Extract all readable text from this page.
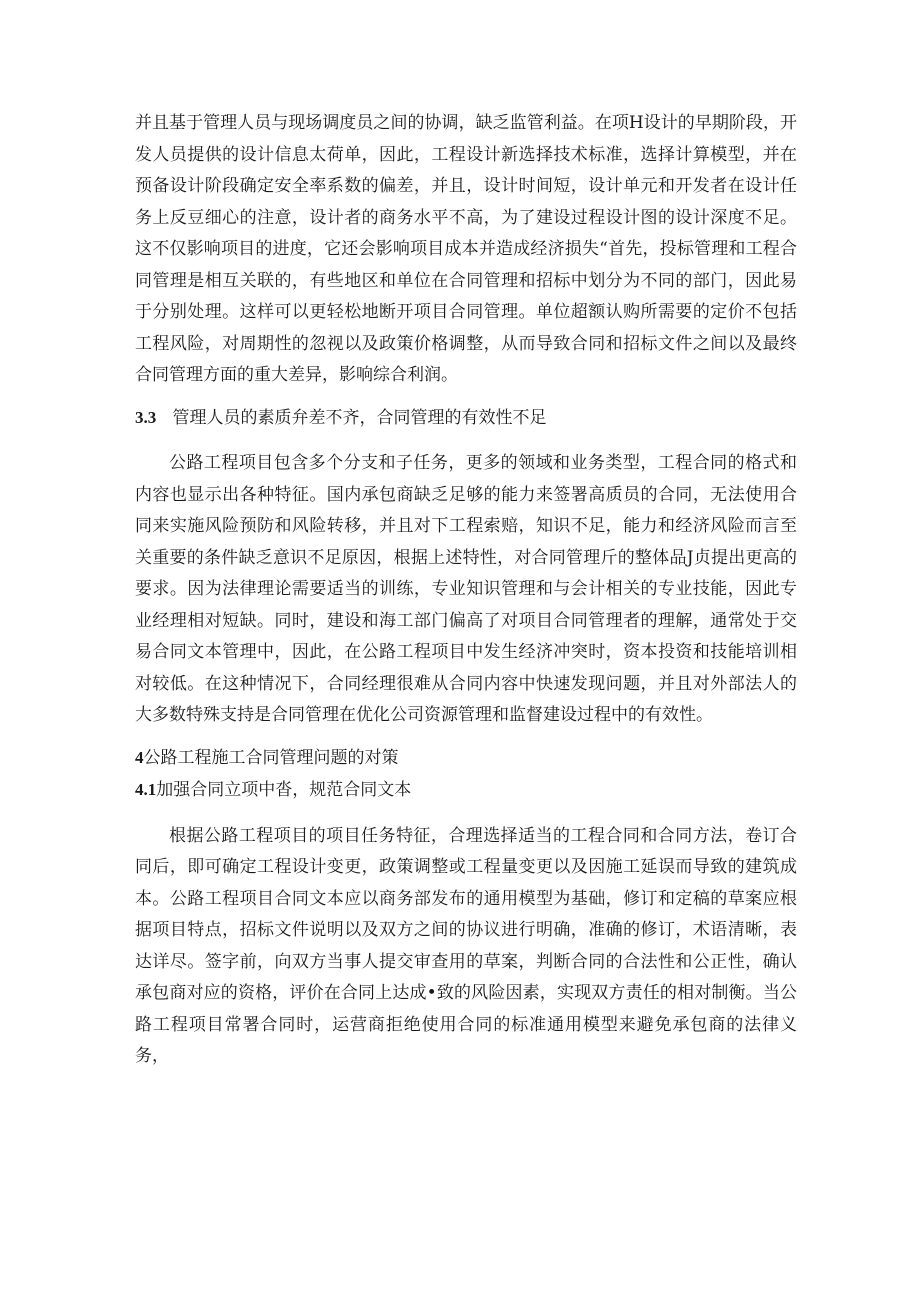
并且基于管理人员与现场调度员之间的协调，缺乏监管利益。在项H设计的早期阶段，开发人员提供的设计信息太荷单，因此，工程设计新选择技术标准，选择计算模型，并在预备设计阶段确定安全率系数的偏差，并且，设计时间短，设计单元和开发者在设计任务上反豆细心的注意，设计者的商务水平不高，为了建设过程设计图的设计深度不足。这不仅影响项目的进度，它还会影响项目成本并造成经济损失“首先，投标管理和工程合同管理是相互关联的，有些地区和单位在合同管理和招标中划分为不同的部门，因此易于分别处理。这样可以更轻松地断开项目合同管理。单位超额认购所需要的定价不包括工程风险，对周期性的忽视以及政策价格调整，从而导致合同和招标文件之间以及最终合同管理方面的重大差异，影响综合利润。

3.3 管理人员的素质弁差不齐，合同管理的有效性不足

公路工程项目包含多个分支和子任务，更多的领域和业务类型，工程合同的格式和内容也显示出各种特征。国内承包商缺乏足够的能力来签署高质员的合同，无法使用合同来实施风险预防和风险转移，并且对下工程索赔，知识不足，能力和经济风险而言至关重要的条件缺乏意识不足原因，根据上述特性，对合同管理斤的整体品J贞提出更高的要求。因为法律理论需要适当的训练，专业知识管理和与会计相关的专业技能，因此专业经理相对短缺。同时，建设和海工部门偏高了对项目合同管理者的理解，通常处于交易合同文本管理中，因此，在公路工程项目中发生经济冲突时，资本投资和技能培训相对较低。在这种情况下，合同经理很难从合同内容中快速发现问题，并且对外部法人的大多数特殊支持是合同管理在优化公司资源管理和监督建设过程中的有效性。

4公路工程施工合同管理问题的对策

4.1加强合同立项中沓，规范合同文本

根据公路工程项目的项目任务特征，合理选择适当的工程合同和合同方法，卷订合同后，即可确定工程设计变更，政策调整或工程量变更以及因施工延误而导致的建筑成本。公路工程项目合同文本应以商务部发布的通用模型为基础，修订和定稿的草案应根据项目特点，招标文件说明以及双方之间的协议进行明确，准确的修订，术语清晰，表达详尽。签字前，向双方当事人提交审查用的草案，判断合同的合法性和公正性，确认承包商对应的资格，评价在合同上达成•致的风险因素，实现双方责任的相对制衡。当公路工程项目常署合同时，运营商拒绝使用合同的标准通用模型来避免承包商的法律义务，
